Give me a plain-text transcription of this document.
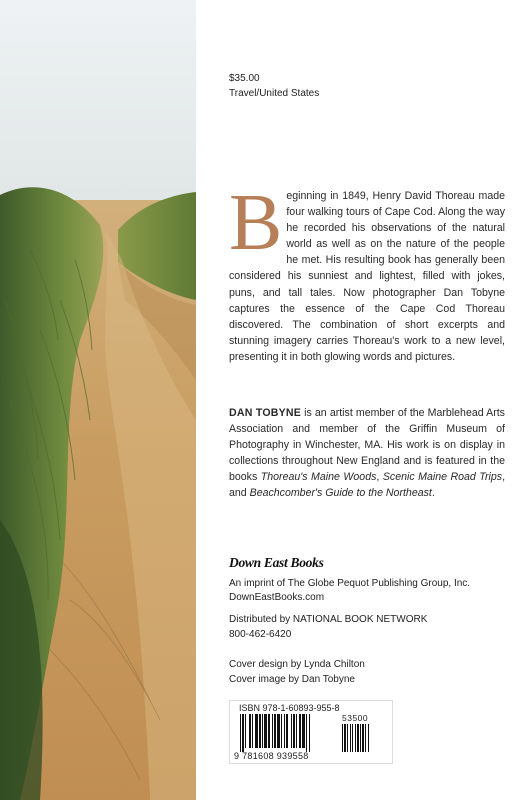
$35.00
Travel/United States
Beginning in 1849, Henry David Thoreau made four walking tours of Cape Cod. Along the way he recorded his observations of the natural world as well as on the nature of the people he met. His resulting book has generally been considered his sunniest and lightest, filled with jokes, puns, and tall tales. Now photographer Dan Tobyne captures the essence of the Cape Cod Thoreau discovered. The combination of short excerpts and stunning imagery carries Thoreau's work to a new level, presenting it in both glowing words and pictures.
DAN TOBYNE is an artist member of the Marblehead Arts Association and member of the Griffin Museum of Photography in Winchester, MA. His work is on display in collections throughout New England and is featured in the books Thoreau's Maine Woods, Scenic Maine Road Trips, and Beachcomber's Guide to the Northeast.
Down East Books
An imprint of The Globe Pequot Publishing Group, Inc.
DownEastBooks.com
Distributed by NATIONAL BOOK NETWORK
800-462-6420
Cover design by Lynda Chilton
Cover image by Dan Tobyne
ISBN 978-1-60893-955-8
53500
9 781608 939558
